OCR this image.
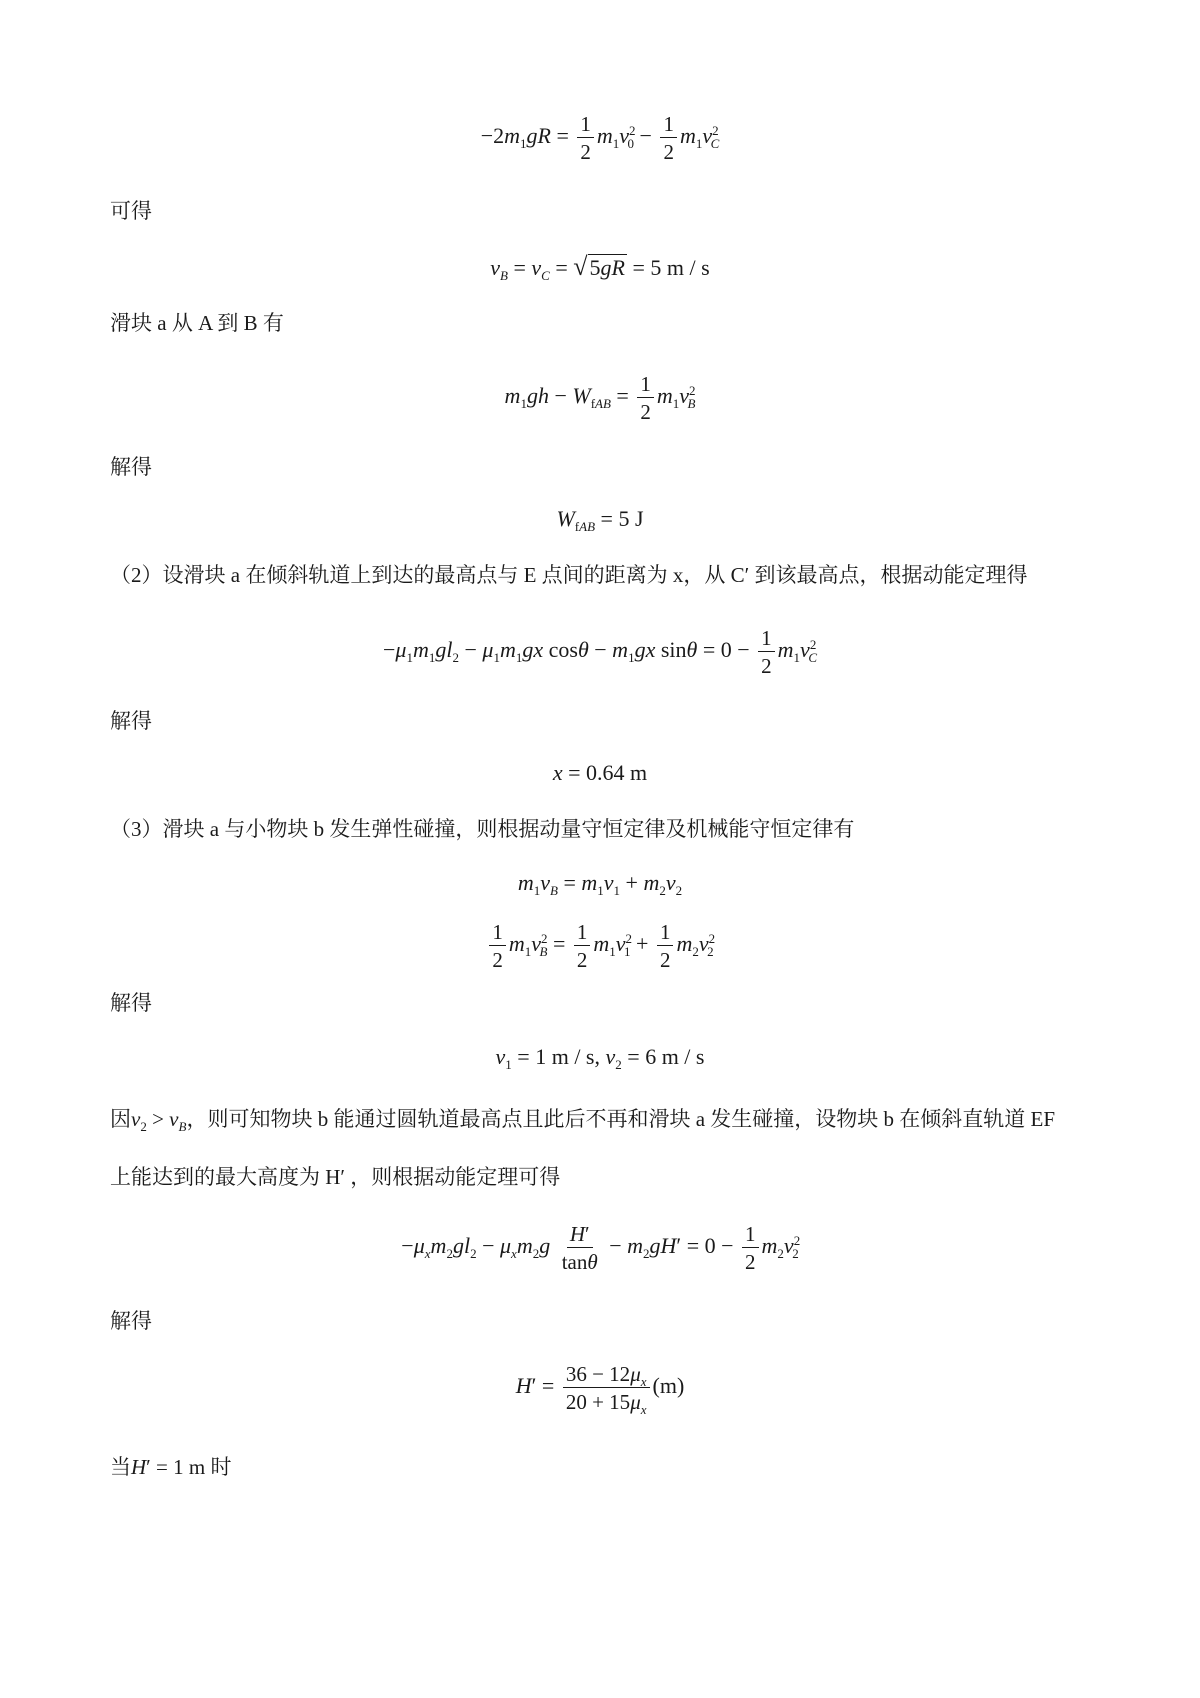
$-2m_1gR = \frac{1}{2} m_1v^2_0 - \frac{1}{2} m_1v^2_C$
可得
$v_B = v_C = √5gR = 5$ m / s
滑块 a 从 A 到 B 有
$m_1gh - W_{fAB} = \frac{1}{2} m_1v^2_B$
解得
$W_{fAB} = 5$ J
（2）设滑块 a 在倾斜轨道上到达的最高点与 E 点间的距离为 x，从 C′ 到该最高点，根据动能定理得
$-\mu_1m_1gl_2 - \mu_1m_1gx$ $\cos\theta - m_1gx$ $\sin\theta = 0 - \frac{1}{2} m_1v^2_C$
解得
x = 0.64 m
（3）滑块 a 与小物块 b 发生弹性碰撞，则根据动量守恒定律及机械能守恒定律有
$m_1v_B = m_1v_1 + m_2v_2$
$\frac{1}{2} m_1v^2_B = \frac{1}{2} m_1v^2_1 + \frac{1}{2} m_2v^2_2$
解得
$v_1 = 1$ m / s, $v_2 = 6$ m / s
因$v_2 > v_B$，则可知物块 b 能通过圆轨道最高点且此后不再和滑块 a 发生碰撞，设物块 b 在倾斜直轨道 EF
上能达到的最大高度为 H′ ，则根据动能定理可得
$-\mu_xm_2gl_2 - \mu_xm_2g \frac{H'}{\tan\theta} - m_2gH' = 0 - \frac{1}{2} m_2v^2_2$
解得
$H' = \frac{36 - 12\mu_x}{20 + 15\mu_x} (m)$
当H′ = 1 m 时
